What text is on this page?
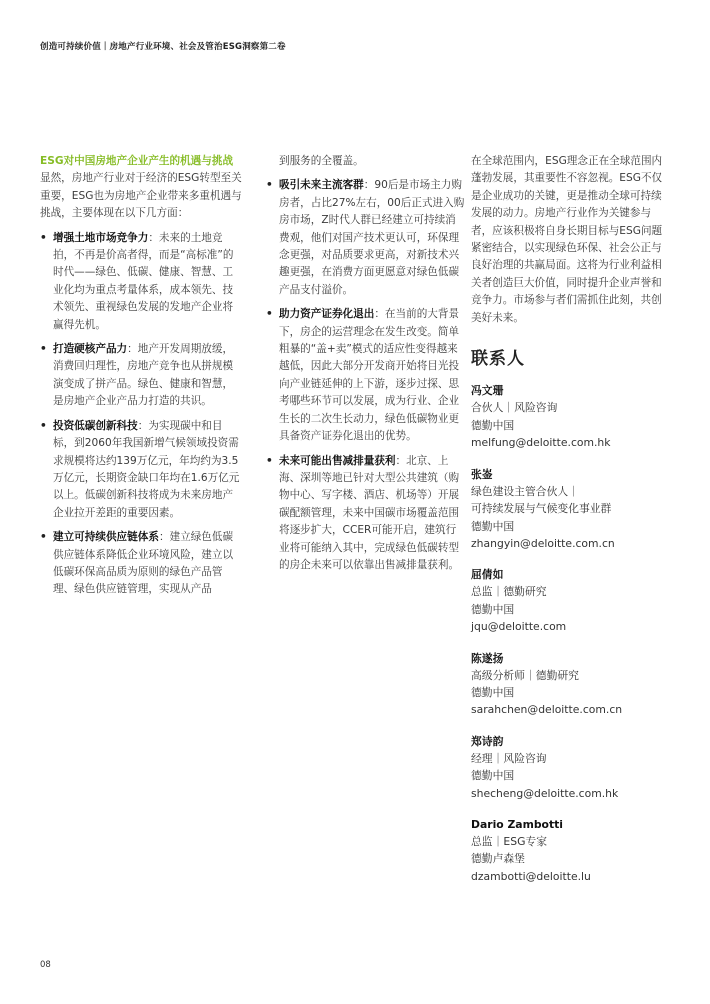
创造可持续价值｜房地产行业环境、社会及管治ESG洞察第二卷
ESG对中国房地产企业产生的机遇与挑战

显然，房地产行业对于经济的ESG转型至关重要，ESG也为房地产企业带来多重机遇与挑战，主要体现在以下几方面：

• 增强土地市场竞争力：未来的土地竞拍，不再是价高者得，而是“高标准”的时代——绿色、低碳、健康、智慧、工业化均为重点考量体系，成本领先、技术领先、重视绿色发展的发地产企业将赢得先机。
• 打造硬核产品力：地产开发周期放缓，消费回归理性，房地产竞争也从拼规模演变成了拼产品。绿色、健康和智慧，是房地产企业产品力打造的共识。
• 投资低碳创新科技：为实现碳中和目标，到2060年我国新增气候领域投资需求规模将达约139万亿元，年均约为3.5万亿元，长期资金缺口年均在1.6万亿元以上。低碳创新科技将成为未来房地产企业拉开差距的重要因素。
• 建立可持续供应链体系：建立绿色低碳供应链体系降低企业环境风险，建立以低碳环保高品质为原则的绿色产品管理、绿色供应链管理，实现从产品

到服务的全覆盖。

• 吸引未来主流客群：90后是市场主力购房者，占比27%左右，00后正式进入购房市场，Z时代人群已经建立可持续消费观，他们对国产技术更认可，环保理念更强，对品质要求更高，对新技术兴趣更强，在消费方面更愿意对绿色低碳产品支付溢价。
• 助力资产证券化退出：在当前的大背景下，房企的运营理念在发生改变。简单粗暴的“盖+卖”模式的适应性变得越来越低，因此大部分开发商开始将目光投向产业链延伸的上下游，逐步过探、思考哪些环节可以发展，成为行业、企业生长的二次生长动力，绿色低碳物业更具备资产证券化退出的优势。
• 未来可能出售减排量获利：北京、上海、深圳等地已针对大型公共建筑（购物中心、写字楼、酒店、机场等）开展碳配额管理，未来中国碳市场覆盖范围将逐步扩大，CCER可能开启，建筑行业将可能纳入其中，完成绿色低碳转型的房企未来可以依靠出售减排量获利。

在全球范围内，ESG理念正在全球范围内蓬勃发展，其重要性不容忽视。ESG不仅是企业成功的关键，更是推动全球可持续发展的动力。房地产行业作为关键参与者，应该积极将自身长期目标与ESG问题紧密结合，以实现绿色环保、社会公正与良好治理的共赢局面。这将为行业利益相关者创造巨大价值，同时提升企业声誉和竞争力。市场参与者们需抓住此刻，共创美好未来。

联系人
冯文珊
合伙人｜风险咨询
德勤中国
melfung@deloitte.com.hk
张崟
绿色建设主管合伙人｜
可持续发展与气候变化事业群
德勤中国
zhangyin@deloitte.com.cn
屈倩如
总监｜德勤研究
德勤中国
jqu@deloitte.com
陈遂扬
高级分析师｜德勤研究
德勤中国
sarahchen@deloitte.com.cn
郑诗韵
经理｜风险咨询
德勤中国
shecheng@deloitte.com.hk
Dario Zambotti
总监｜ESG专家
德勤卢森堡
dzambotti@deloitte.lu
08
